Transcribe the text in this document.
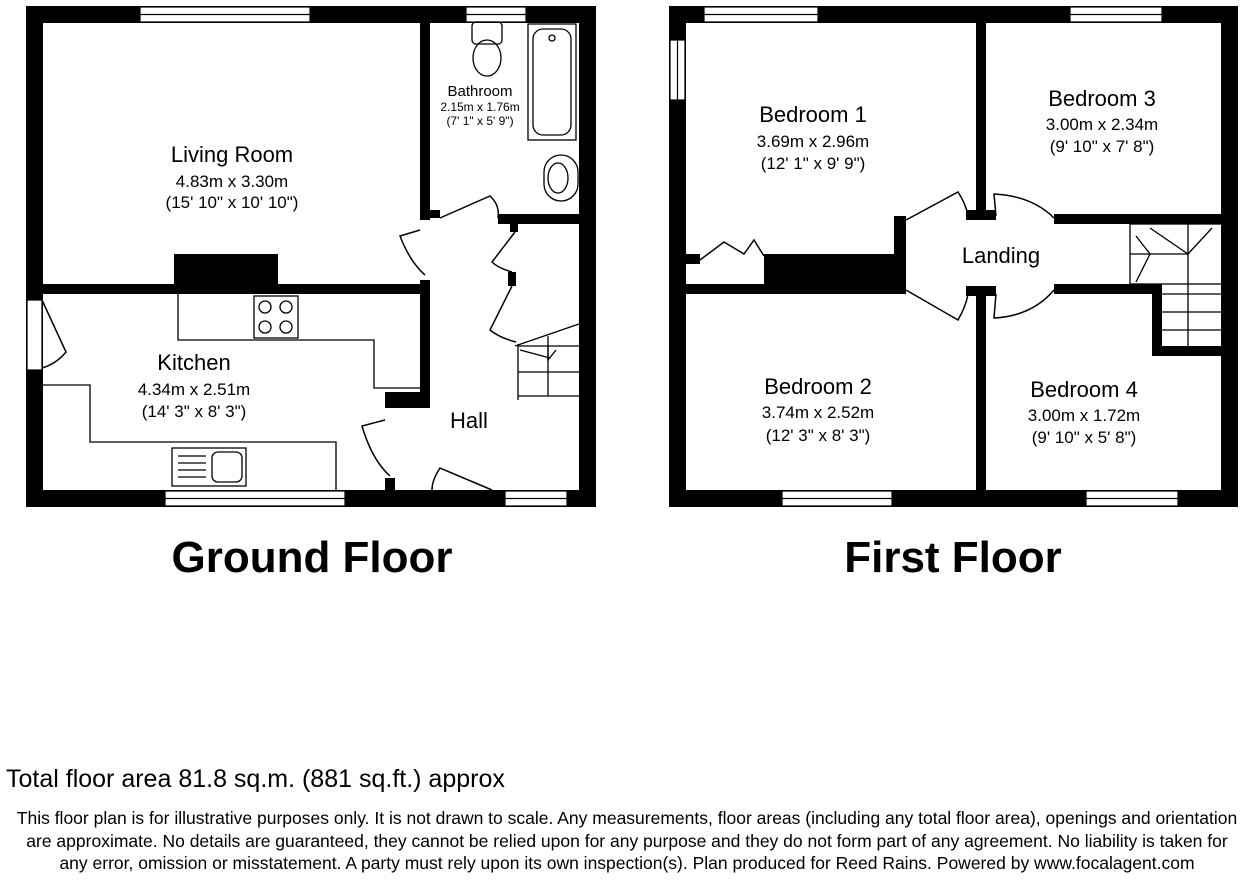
Living Room
4.83m x 3.30m
(15' 10" x 10' 10")
Bathroom
2.15m x 1.76m
(7' 1" x 5' 9")
Kitchen
4.34m x 2.51m
(14' 3" x 8' 3")	Hall
Ground Floor
Bedroom 1
3.69m x 2.96m
(12' 1" x 9' 9")
Bedroom 3
3.00m x 2.34m
(9' 10" x 7' 8")
Landing
Bedroom 2
3.74m x 2.52m
(12' 3" x 8' 3")
Bedroom 4
3.00m x 1.72m
(9' 10" x 5' 8")
First Floor
Total floor area 81.8 sq.m. (881 sq.ft.) approx
This floor plan is for illustrative purposes only. It is not drawn to scale. Any measurements, floor areas (including any total floor area), openings and orientation are approximate. No details are guaranteed, they cannot be relied upon for any purpose and they do not form part of any agreement. No liability is taken for any error, omission or misstatement. A party must rely upon its own inspection(s). Plan produced for Reed Rains. Powered by www.focalagent.com
